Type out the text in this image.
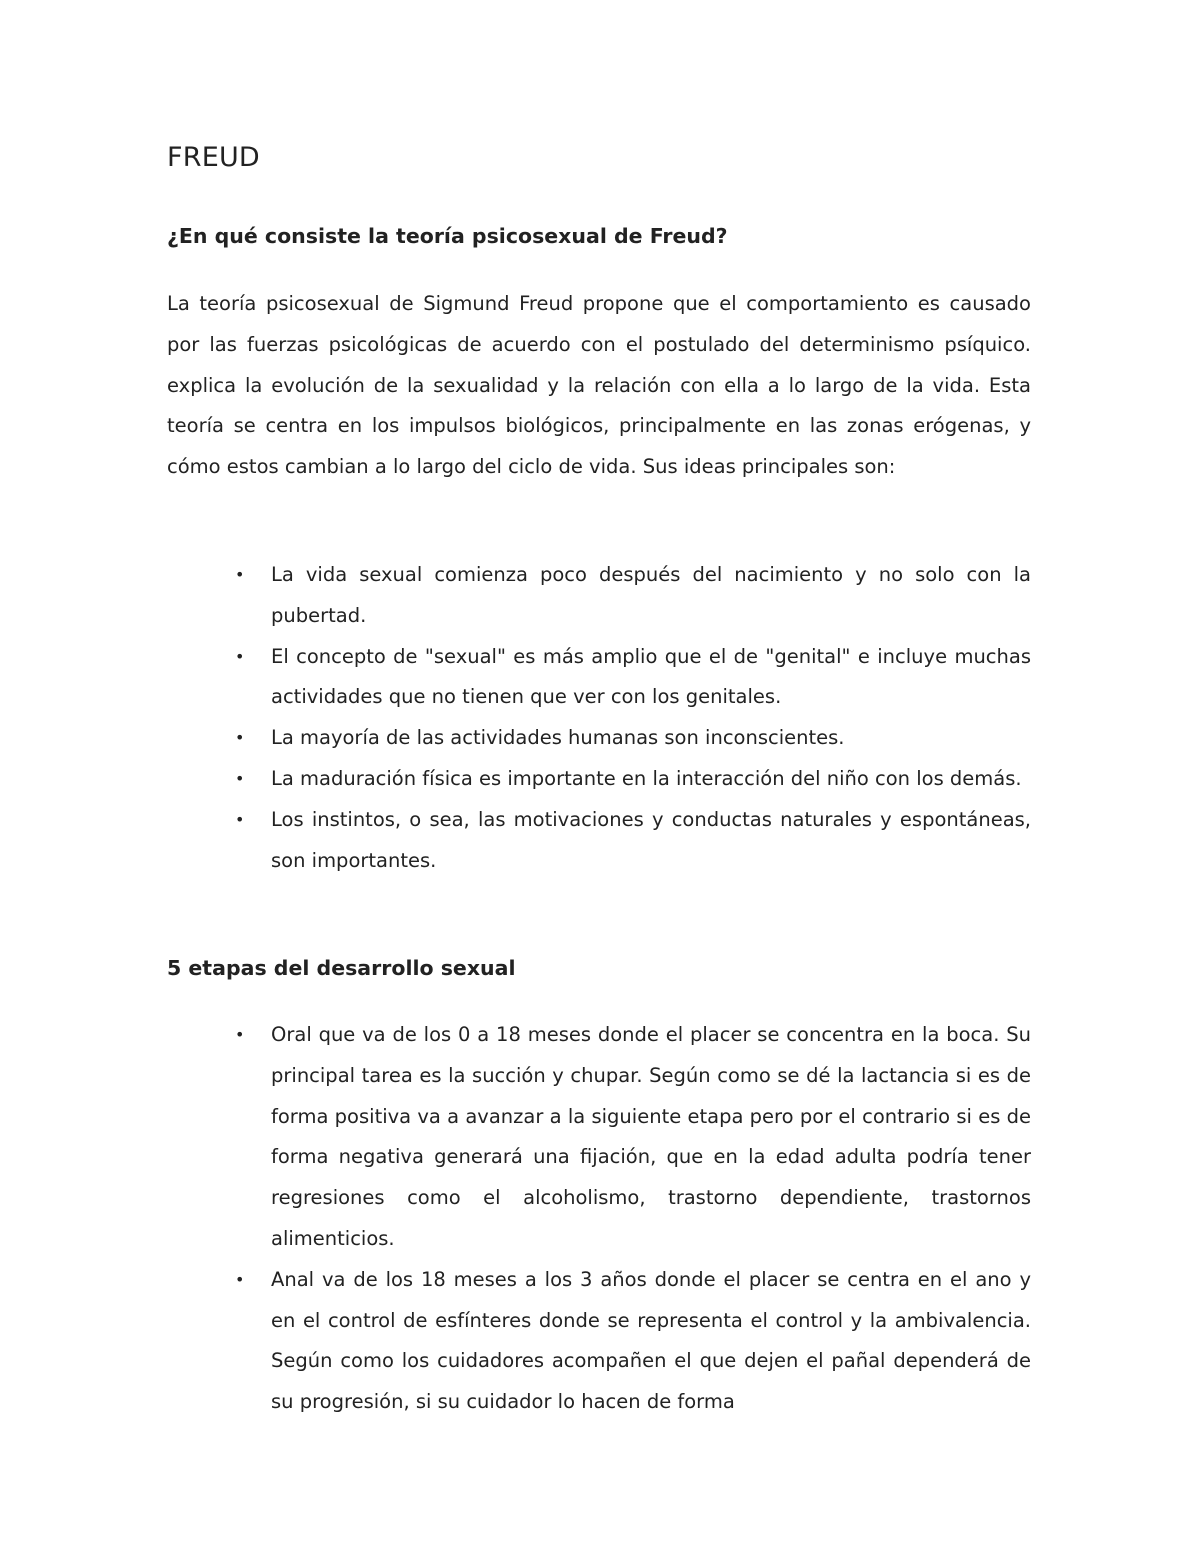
FREUD
¿En qué consiste la teoría psicosexual de Freud?

La teoría psicosexual de Sigmund Freud propone que el comportamiento es causado por las fuerzas psicológicas de acuerdo con el postulado del determinismo psíquico. explica la evolución de la sexualidad y la relación con ella a lo largo de la vida. Esta teoría se centra en los impulsos biológicos, principalmente en las zonas erógenas, y cómo estos cambian a lo largo del ciclo de vida. Sus ideas principales son:

• La vida sexual comienza poco después del nacimiento y no solo con la pubertad.
• El concepto de "sexual" es más amplio que el de "genital" e incluye muchas actividades que no tienen que ver con los genitales.
• La mayoría de las actividades humanas son inconscientes.
• La maduración física es importante en la interacción del niño con los demás.
• Los instintos, o sea, las motivaciones y conductas naturales y espontáneas, son importantes.
5 etapas del desarrollo sexual
• Oral que va de los 0 a 18 meses donde el placer se concentra en la boca. Su principal tarea es la succión y chupar. Según como se dé la lactancia si es de forma positiva va a avanzar a la siguiente etapa pero por el contrario si es de forma negativa generará una fijación, que en la edad adulta podría tener regresiones como el alcoholismo, trastorno dependiente, trastornos alimenticios.
• Anal va de los 18 meses a los 3 años donde el placer se centra en el ano y en el control de esfínteres donde se representa el control y la ambivalencia. Según como los cuidadores acompañen el que dejen el pañal dependerá de su progresión, si su cuidador lo hacen de forma
